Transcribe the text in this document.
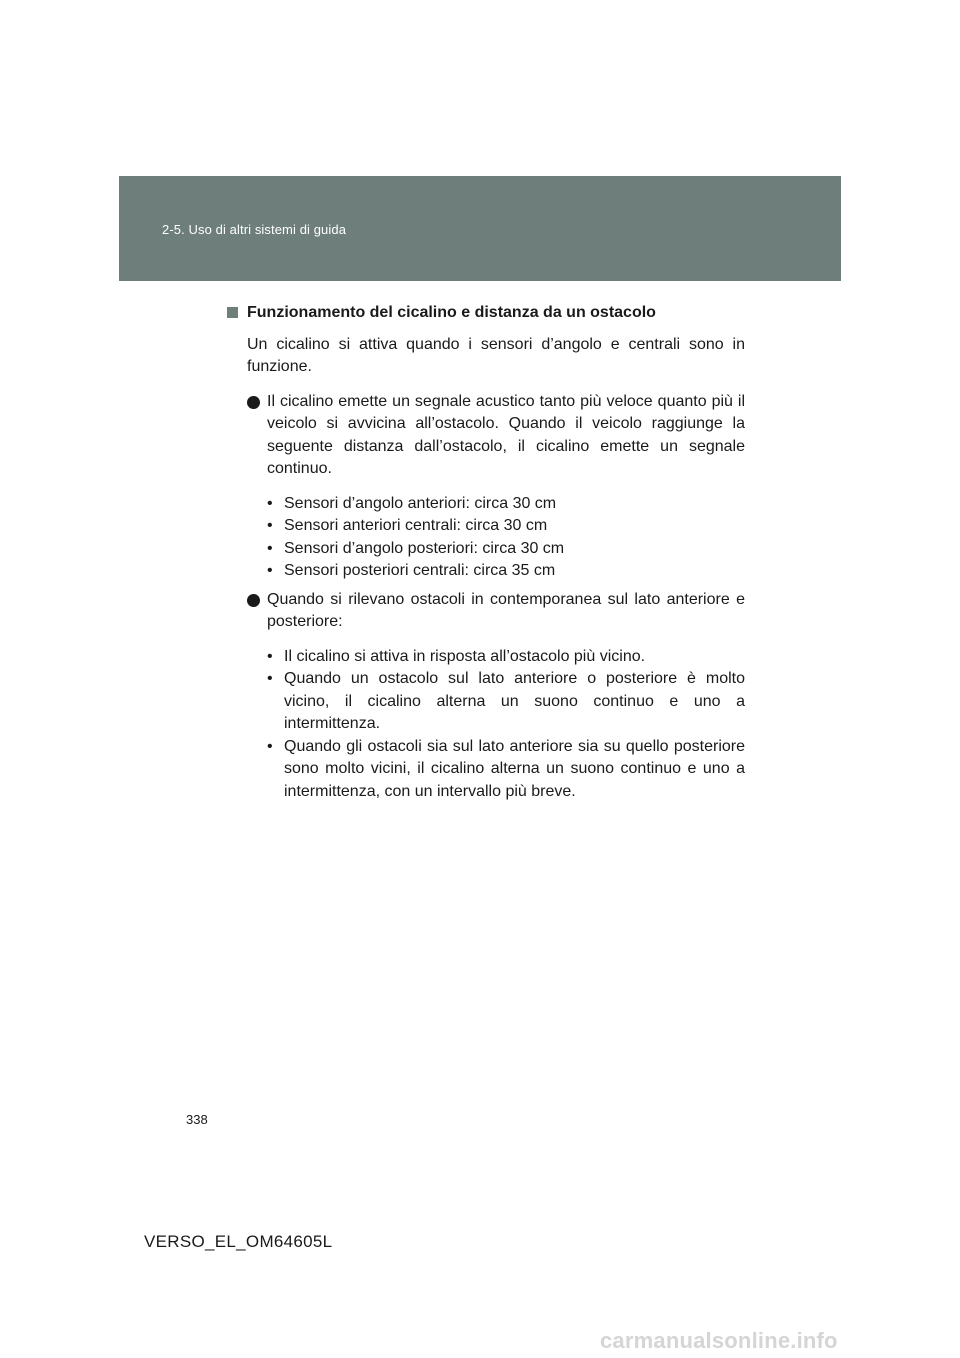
2-5. Uso di altri sistemi di guida
Funzionamento del cicalino e distanza da un ostacolo

Un cicalino si attiva quando i sensori d’angolo e centrali sono in funzione.

Il cicalino emette un segnale acustico tanto più veloce quanto più il veicolo si avvicina all’ostacolo. Quando il veicolo raggiunge la seguente distanza dall’ostacolo, il cicalino emette un segnale continuo.
• Sensori d’angolo anteriori: circa 30 cm
• Sensori anteriori centrali: circa 30 cm
• Sensori d’angolo posteriori: circa 30 cm
• Sensori posteriori centrali: circa 35 cm
Quando si rilevano ostacoli in contemporanea sul lato anteriore e posteriore:
• Il cicalino si attiva in risposta all’ostacolo più vicino.
• Quando un ostacolo sul lato anteriore o posteriore è molto vicino, il cicalino alterna un suono continuo e uno a intermittenza.
• Quando gli ostacoli sia sul lato anteriore sia su quello posteriore sono molto vicini, il cicalino alterna un suono continuo e uno a intermittenza, con un intervallo più breve.
338
VERSO_EL_OM64605L
carmanualsonline.info
